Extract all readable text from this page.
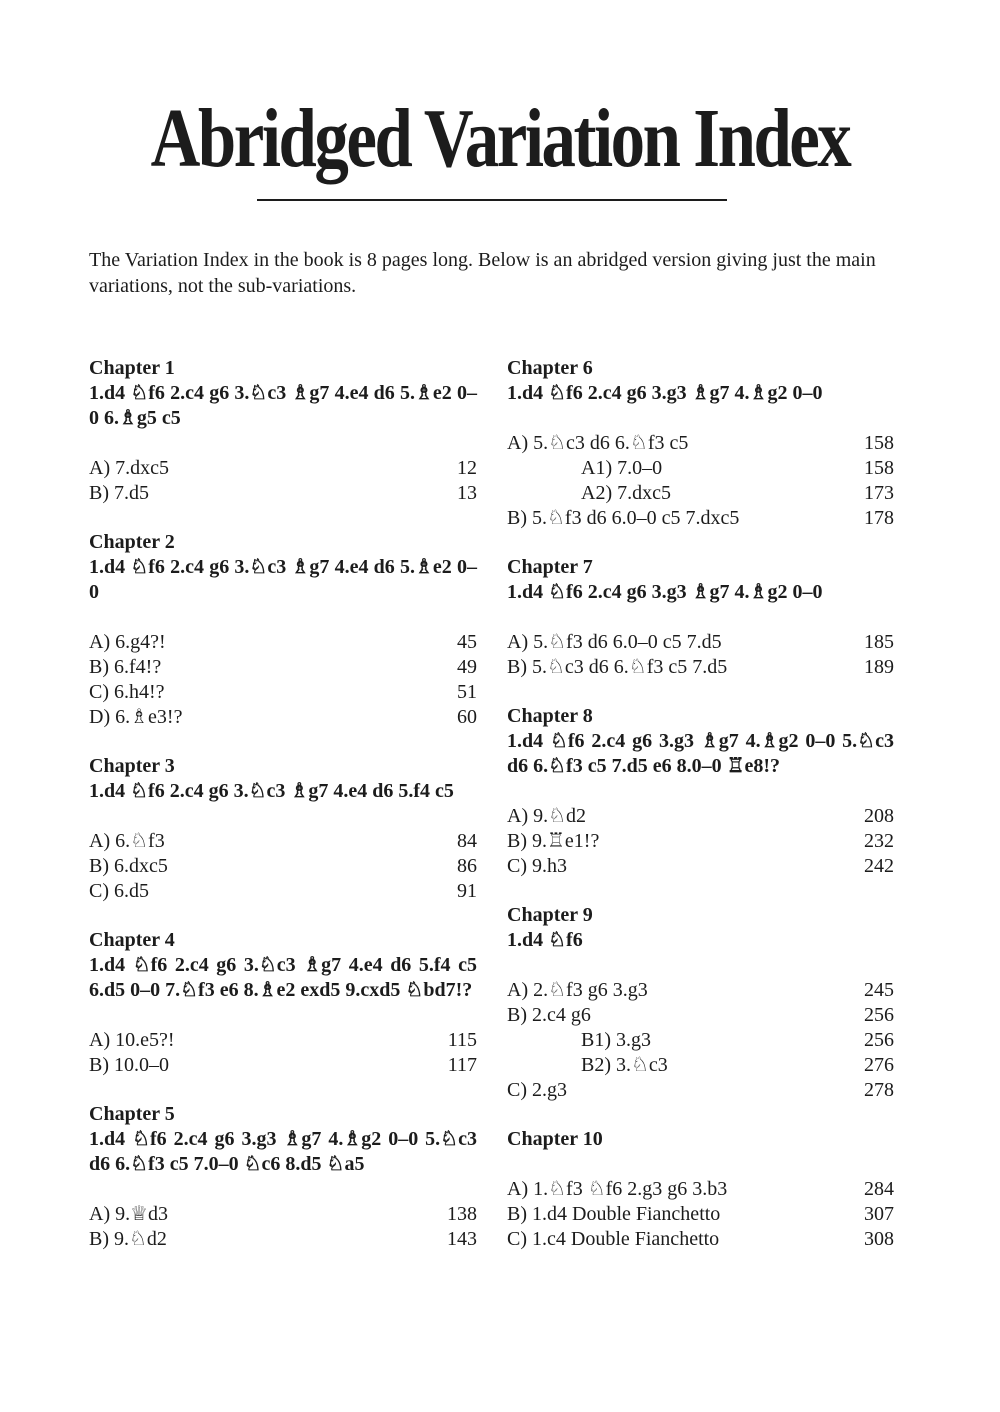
Abridged Variation Index
The Variation Index in the book is 8 pages long. Below is an abridged version giving just the main variations, not the sub-variations.
Chapter 1
1.d4 ♘f6 2.c4 g6 3.♘c3 ♗g7 4.e4 d6 5.♗e2 0–0 6.♗g5 c5
A) 7.dxc5	12
B) 7.d5	13
Chapter 2
1.d4 ♘f6 2.c4 g6 3.♘c3 ♗g7 4.e4 d6 5.♗e2 0–0
A) 6.g4?!	45
B) 6.f4!?	49
C) 6.h4!?	51
D) 6.♗e3!?	60
Chapter 3
1.d4 ♘f6 2.c4 g6 3.♘c3 ♗g7 4.e4 d6 5.f4 c5
A) 6.♘f3	84
B) 6.dxc5	86
C) 6.d5	91
Chapter 4
1.d4 ♘f6 2.c4 g6 3.♘c3 ♗g7 4.e4 d6 5.f4 c5 6.d5 0–0 7.♘f3 e6 8.♗e2 exd5 9.cxd5 ♘bd7!?
A) 10.e5?!	115
B) 10.0–0	117
Chapter 5
1.d4 ♘f6 2.c4 g6 3.g3 ♗g7 4.♗g2 0–0 5.♘c3 d6 6.♘f3 c5 7.0–0 ♘c6 8.d5 ♘a5
A) 9.♕d3	138
B) 9.♘d2	143
Chapter 6
1.d4 ♘f6 2.c4 g6 3.g3 ♗g7 4.♗g2 0–0
A) 5.♘c3 d6 6.♘f3 c5	158
A1) 7.0–0	158
A2) 7.dxc5	173
B) 5.♘f3 d6 6.0–0 c5 7.dxc5	178
Chapter 7
1.d4 ♘f6 2.c4 g6 3.g3 ♗g7 4.♗g2 0–0
A) 5.♘f3 d6 6.0–0 c5 7.d5	185
B) 5.♘c3 d6 6.♘f3 c5 7.d5	189
Chapter 8
1.d4 ♘f6 2.c4 g6 3.g3 ♗g7 4.♗g2 0–0 5.♘c3 d6 6.♘f3 c5 7.d5 e6 8.0–0 ♖e8!?
A) 9.♘d2	208
B) 9.♖e1!?	232
C) 9.h3	242
Chapter 9
1.d4 ♘f6
A) 2.♘f3 g6 3.g3	245
B) 2.c4 g6	256
B1) 3.g3	256
B2) 3.♘c3	276
C) 2.g3	278
Chapter 10
A) 1.♘f3 ♘f6 2.g3 g6 3.b3	284
B) 1.d4 Double Fianchetto	307
C) 1.c4 Double Fianchetto	308
